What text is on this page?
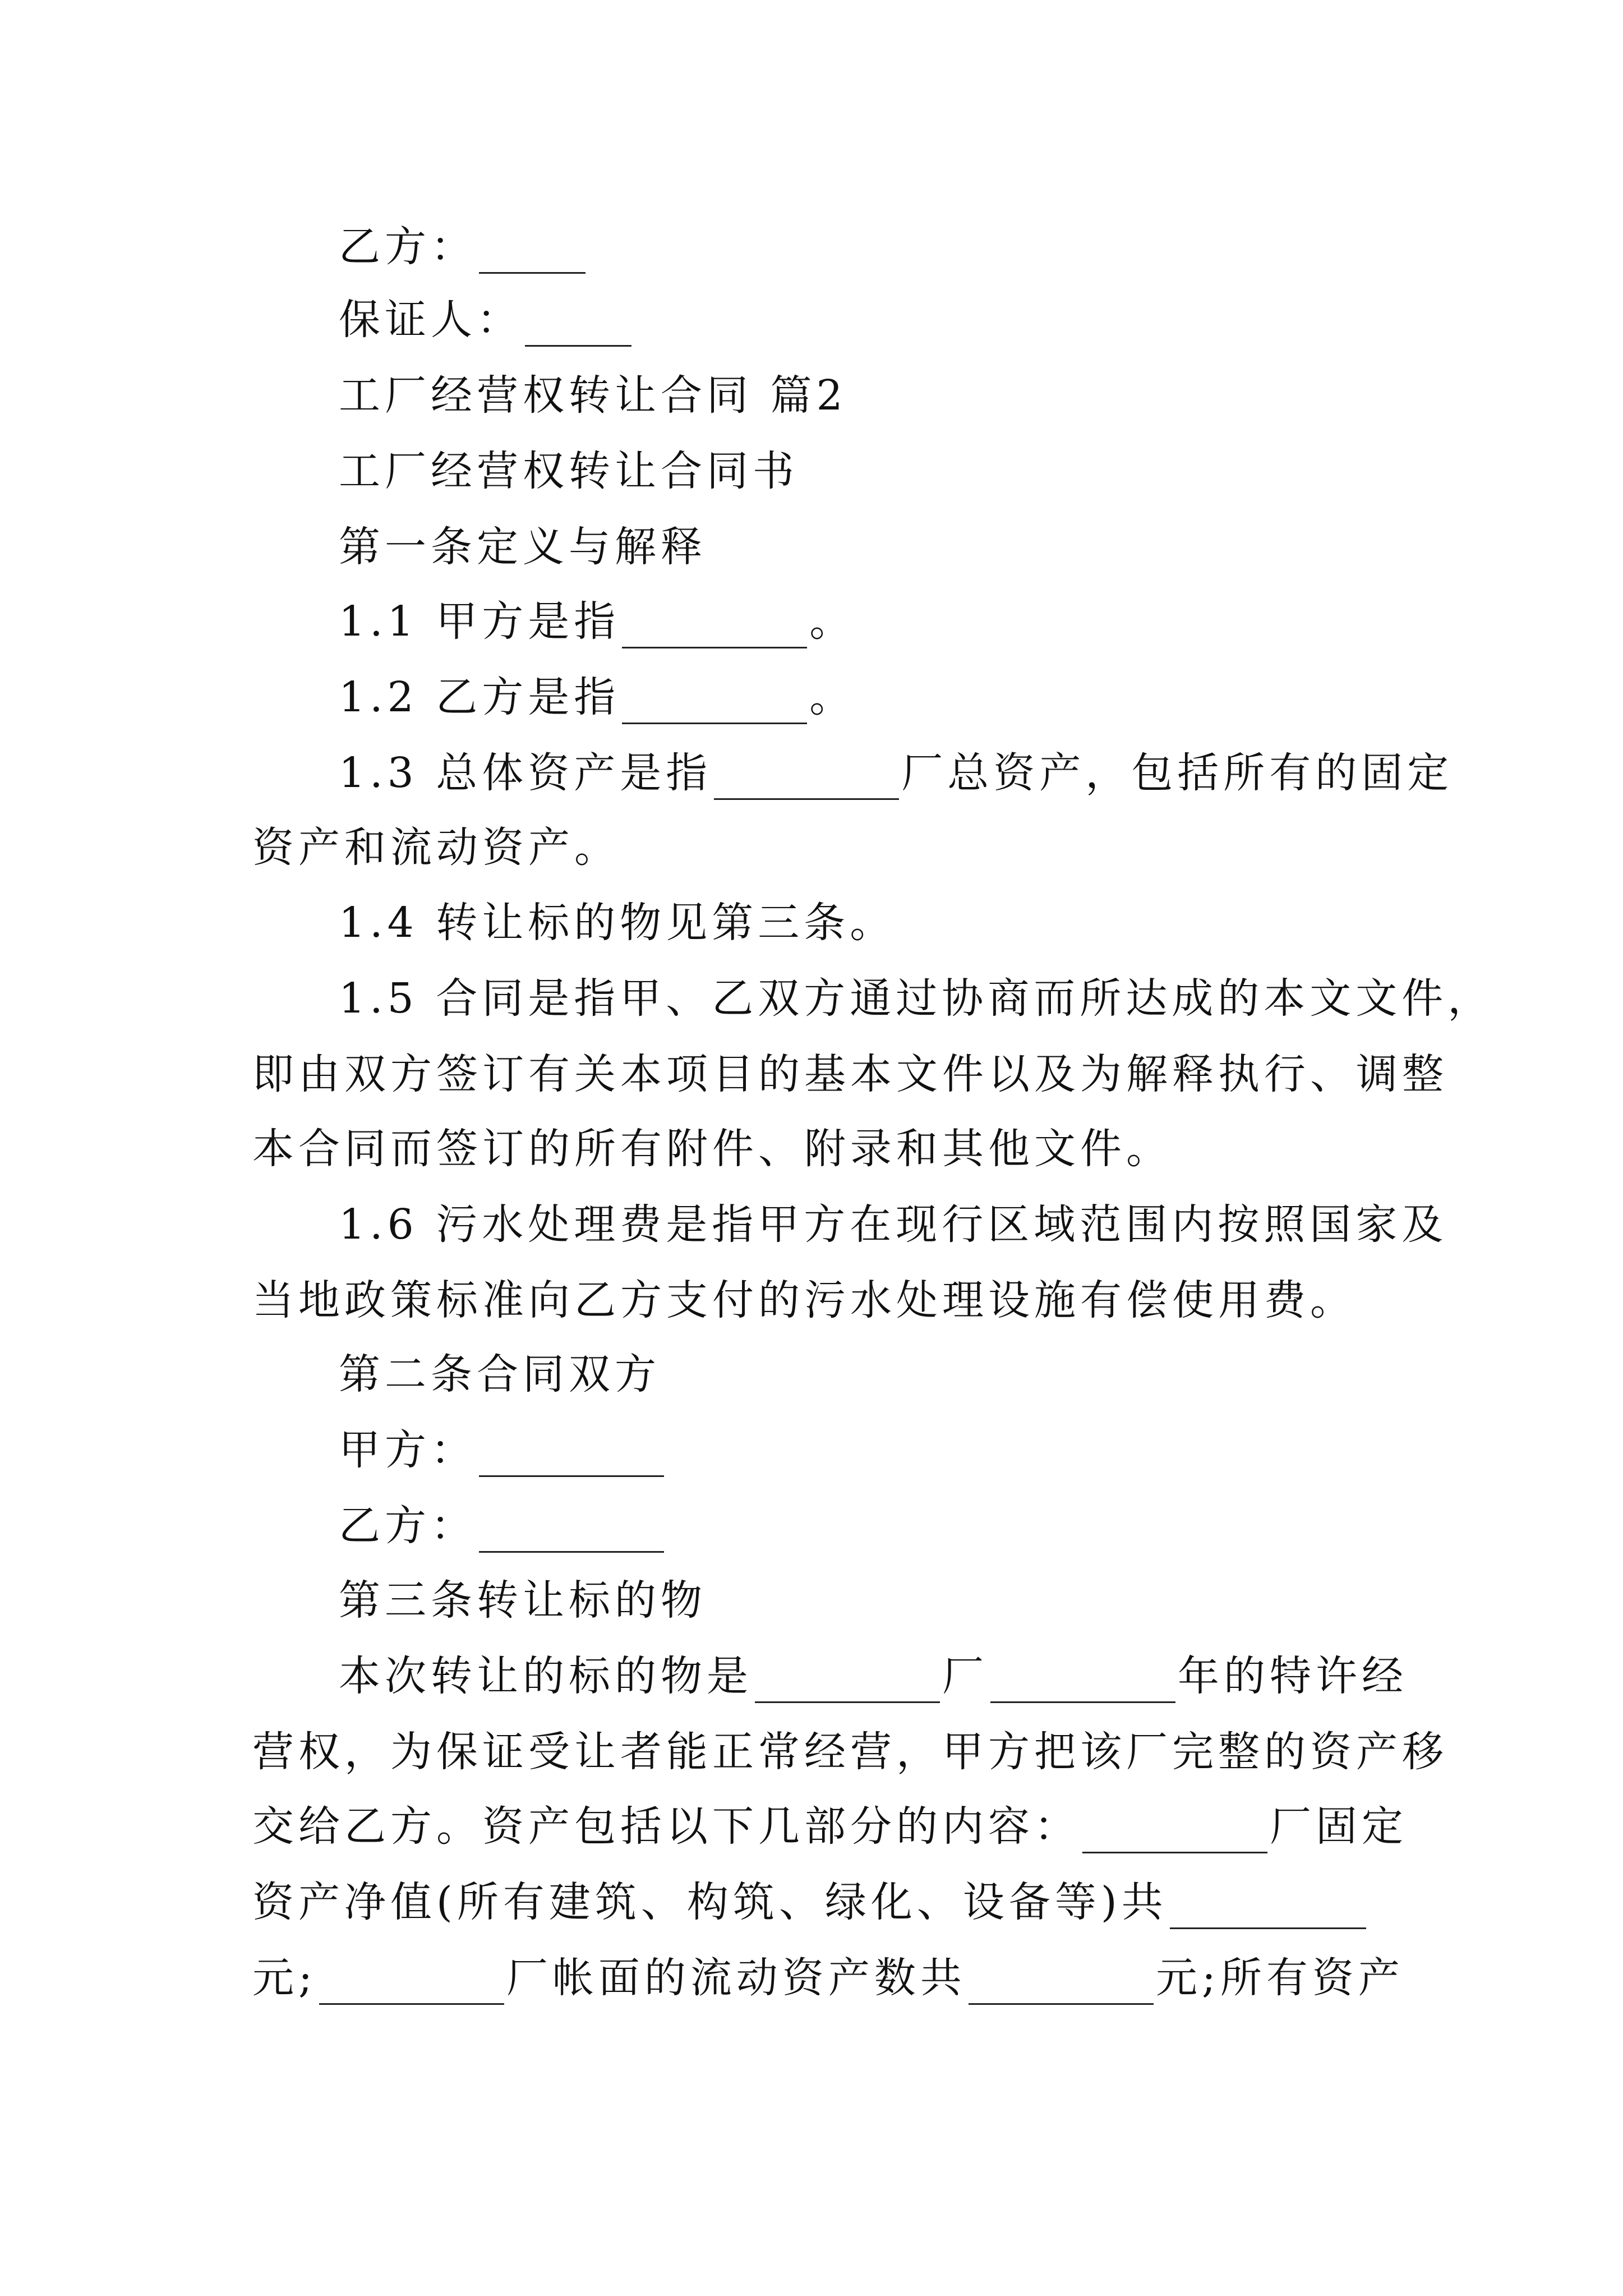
乙方：
保证人：
工厂经营权转让合同 篇2
工厂经营权转让合同书
第一条定义与解释
1.1 甲方是指	。
1.2 乙方是指	。
1.3 总体资产是指	厂总资产，包括所有的固定
资产和流动资产。
1.4 转让标的物见第三条。
1.5 合同是指甲、乙双方通过协商而所达成的本文文件，
即由双方签订有关本项目的基本文件以及为解释执行、调整
本合同而签订的所有附件、附录和其他文件。
1.6 污水处理费是指甲方在现行区域范围内按照国家及
当地政策标准向乙方支付的污水处理设施有偿使用费。
第二条合同双方
甲方：
乙方：
第三条转让标的物
本次转让的标的物是	厂	年的特许经
营权，为保证受让者能正常经营，甲方把该厂完整的资产移
交给乙方。资产包括以下几部分的内容：	厂固定
资产净值(所有建筑、构筑、绿化、设备等)共
元;	厂帐面的流动资产数共	元;所有资产
